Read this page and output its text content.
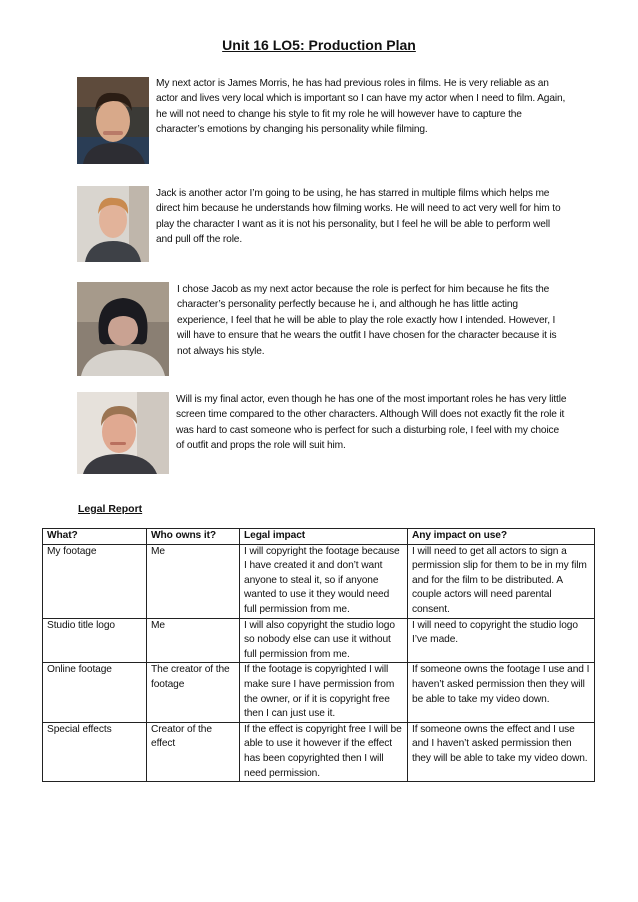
Unit 16 LO5: Production Plan

My next actor is James Morris, he has had previous roles in films. He is very reliable as an actor and lives very local which is important so I can have my actor when I need to film. Again, he will not need to change his style to fit my role he will however have to capture the character’s emotions by changing his personality while filming.

Jack is another actor I’m going to be using, he has starred in multiple films which helps me direct him because he understands how filming works. He will need to act very well for him to play the character I want as it is not his personality, but I feel he will be able to perform well and pull off the role.

I chose Jacob as my next actor because the role is perfect for him because he fits the character’s personality perfectly because he i, and although he has little acting experience, I feel that he will be able to play the role exactly how I intended. However, I will have to ensure that he wears the outfit I have chosen for the character because it is not always his style.

Will is my final actor, even though he has one of the most important roles he has very little screen time compared to the other characters. Although Will does not exactly fit the role it was hard to cast someone who is perfect for such a disturbing role, I feel with my choice of outfit and props the role will suit him.

Legal Report
What?	Who owns it?	Legal impact	Any impact on use?
My footage	Me	I will copyright the footage because I have created it and don’t want anyone to steal it, so if anyone wanted to use it they would need full permission from me.	I will need to get all actors to sign a permission slip for them to be in my film and for the film to be distributed. A couple actors will need parental consent.
Studio title logo	Me	I will also copyright the studio logo so nobody else can use it without full permission from me.	I will need to copyright the studio logo I’ve made.
Online footage	The creator of the footage	If the footage is copyrighted I will make sure I have permission from the owner, or if it is copyright free then I can just use it.	If someone owns the footage I use and I haven’t asked permission then they will be able to take my video down.
Special effects	Creator of the effect	If the effect is copyright free I will be able to use it however if the effect has been copyrighted then I will need permission.	If someone owns the effect and I use and I haven’t asked permission then they will be able to take my video down.
